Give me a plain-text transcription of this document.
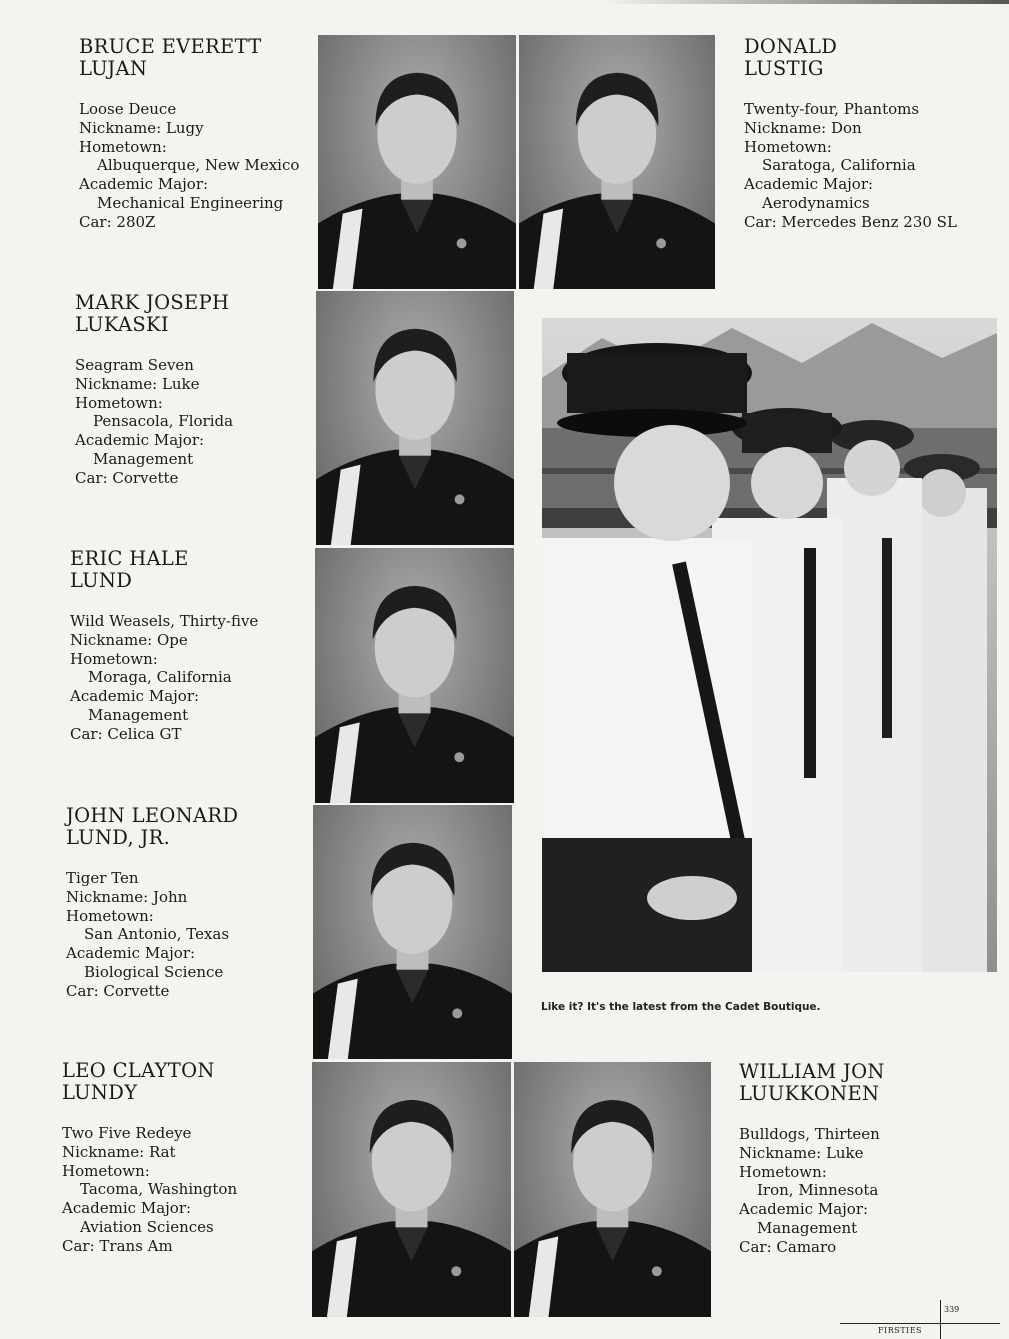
BRUCE EVERETT
LUJAN
Loose Deuce
Nickname: Lugy
Hometown:
Albuquerque, New Mexico
Academic Major:
Mechanical Engineering
Car: 280Z
DONALD
LUSTIG
Twenty-four, Phantoms
Nickname: Don
Hometown:
Saratoga, California
Academic Major:
Aerodynamics
Car: Mercedes Benz 230 SL
MARK JOSEPH
LUKASKI
Seagram Seven
Nickname: Luke
Hometown:
Pensacola, Florida
Academic Major:
Management
Car: Corvette
ERIC HALE
LUND
Wild Weasels, Thirty-five
Nickname: Ope
Hometown:
Moraga, California
Academic Major:
Management
Car: Celica GT
JOHN LEONARD
LUND, JR.
Tiger Ten
Nickname: John
Hometown:
San Antonio, Texas
Academic Major:
Biological Science
Car: Corvette
LEO CLAYTON
LUNDY
Two Five Redeye
Nickname: Rat
Hometown:
Tacoma, Washington
Academic Major:
Aviation Sciences
Car: Trans Am
WILLIAM JON
LUUKKONEN
Bulldogs, Thirteen
Nickname: Luke
Hometown:
Iron, Minnesota
Academic Major:
Management
Car: Camaro
Like it? It's the latest from the Cadet Boutique.
339
FIRSTIES
